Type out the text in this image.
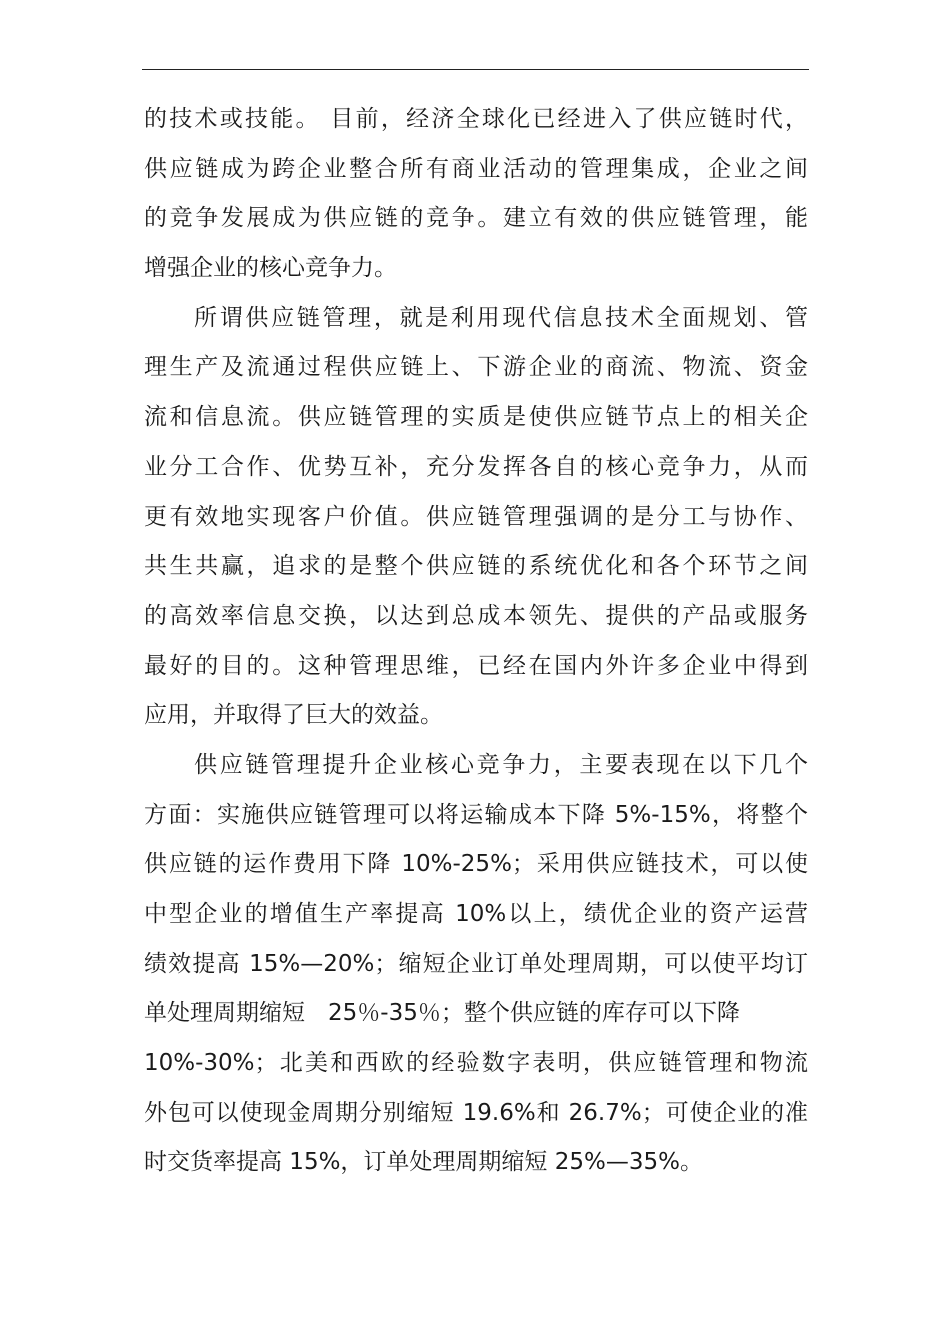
的技术或技能。 目前，经济全球化已经进入了供应链时代，
供应链成为跨企业整合所有商业活动的管理集成，企业之间
的竞争发展成为供应链的竞争。建立有效的供应链管理，能
增强企业的核心竞争力。
所谓供应链管理，就是利用现代信息技术全面规划、管
理生产及流通过程供应链上、下游企业的商流、物流、资金
流和信息流。供应链管理的实质是使供应链节点上的相关企
业分工合作、优势互补，充分发挥各自的核心竞争力，从而
更有效地实现客户价值。供应链管理强调的是分工与协作、
共生共赢，追求的是整个供应链的系统优化和各个环节之间
的高效率信息交换，以达到总成本领先、提供的产品或服务
最好的目的。这种管理思维，已经在国内外许多企业中得到
应用，并取得了巨大的效益。
供应链管理提升企业核心竞争力，主要表现在以下几个
方面：实施供应链管理可以将运输成本下降 5%-15%，将整个
供应链的运作费用下降 10%-25%；采用供应链技术，可以使
中型企业的增值生产率提高 10%以上，绩优企业的资产运营
绩效提高 15%—20%；缩短企业订单处理周期，可以使平均订
单处理周期缩短　25％-35％；整个供应链的库存可以下降
10%-30%；北美和西欧的经验数字表明，供应链管理和物流
外包可以使现金周期分别缩短 19.6%和 26.7%；可使企业的准
时交货率提高 15%，订单处理周期缩短 25%—35%。
